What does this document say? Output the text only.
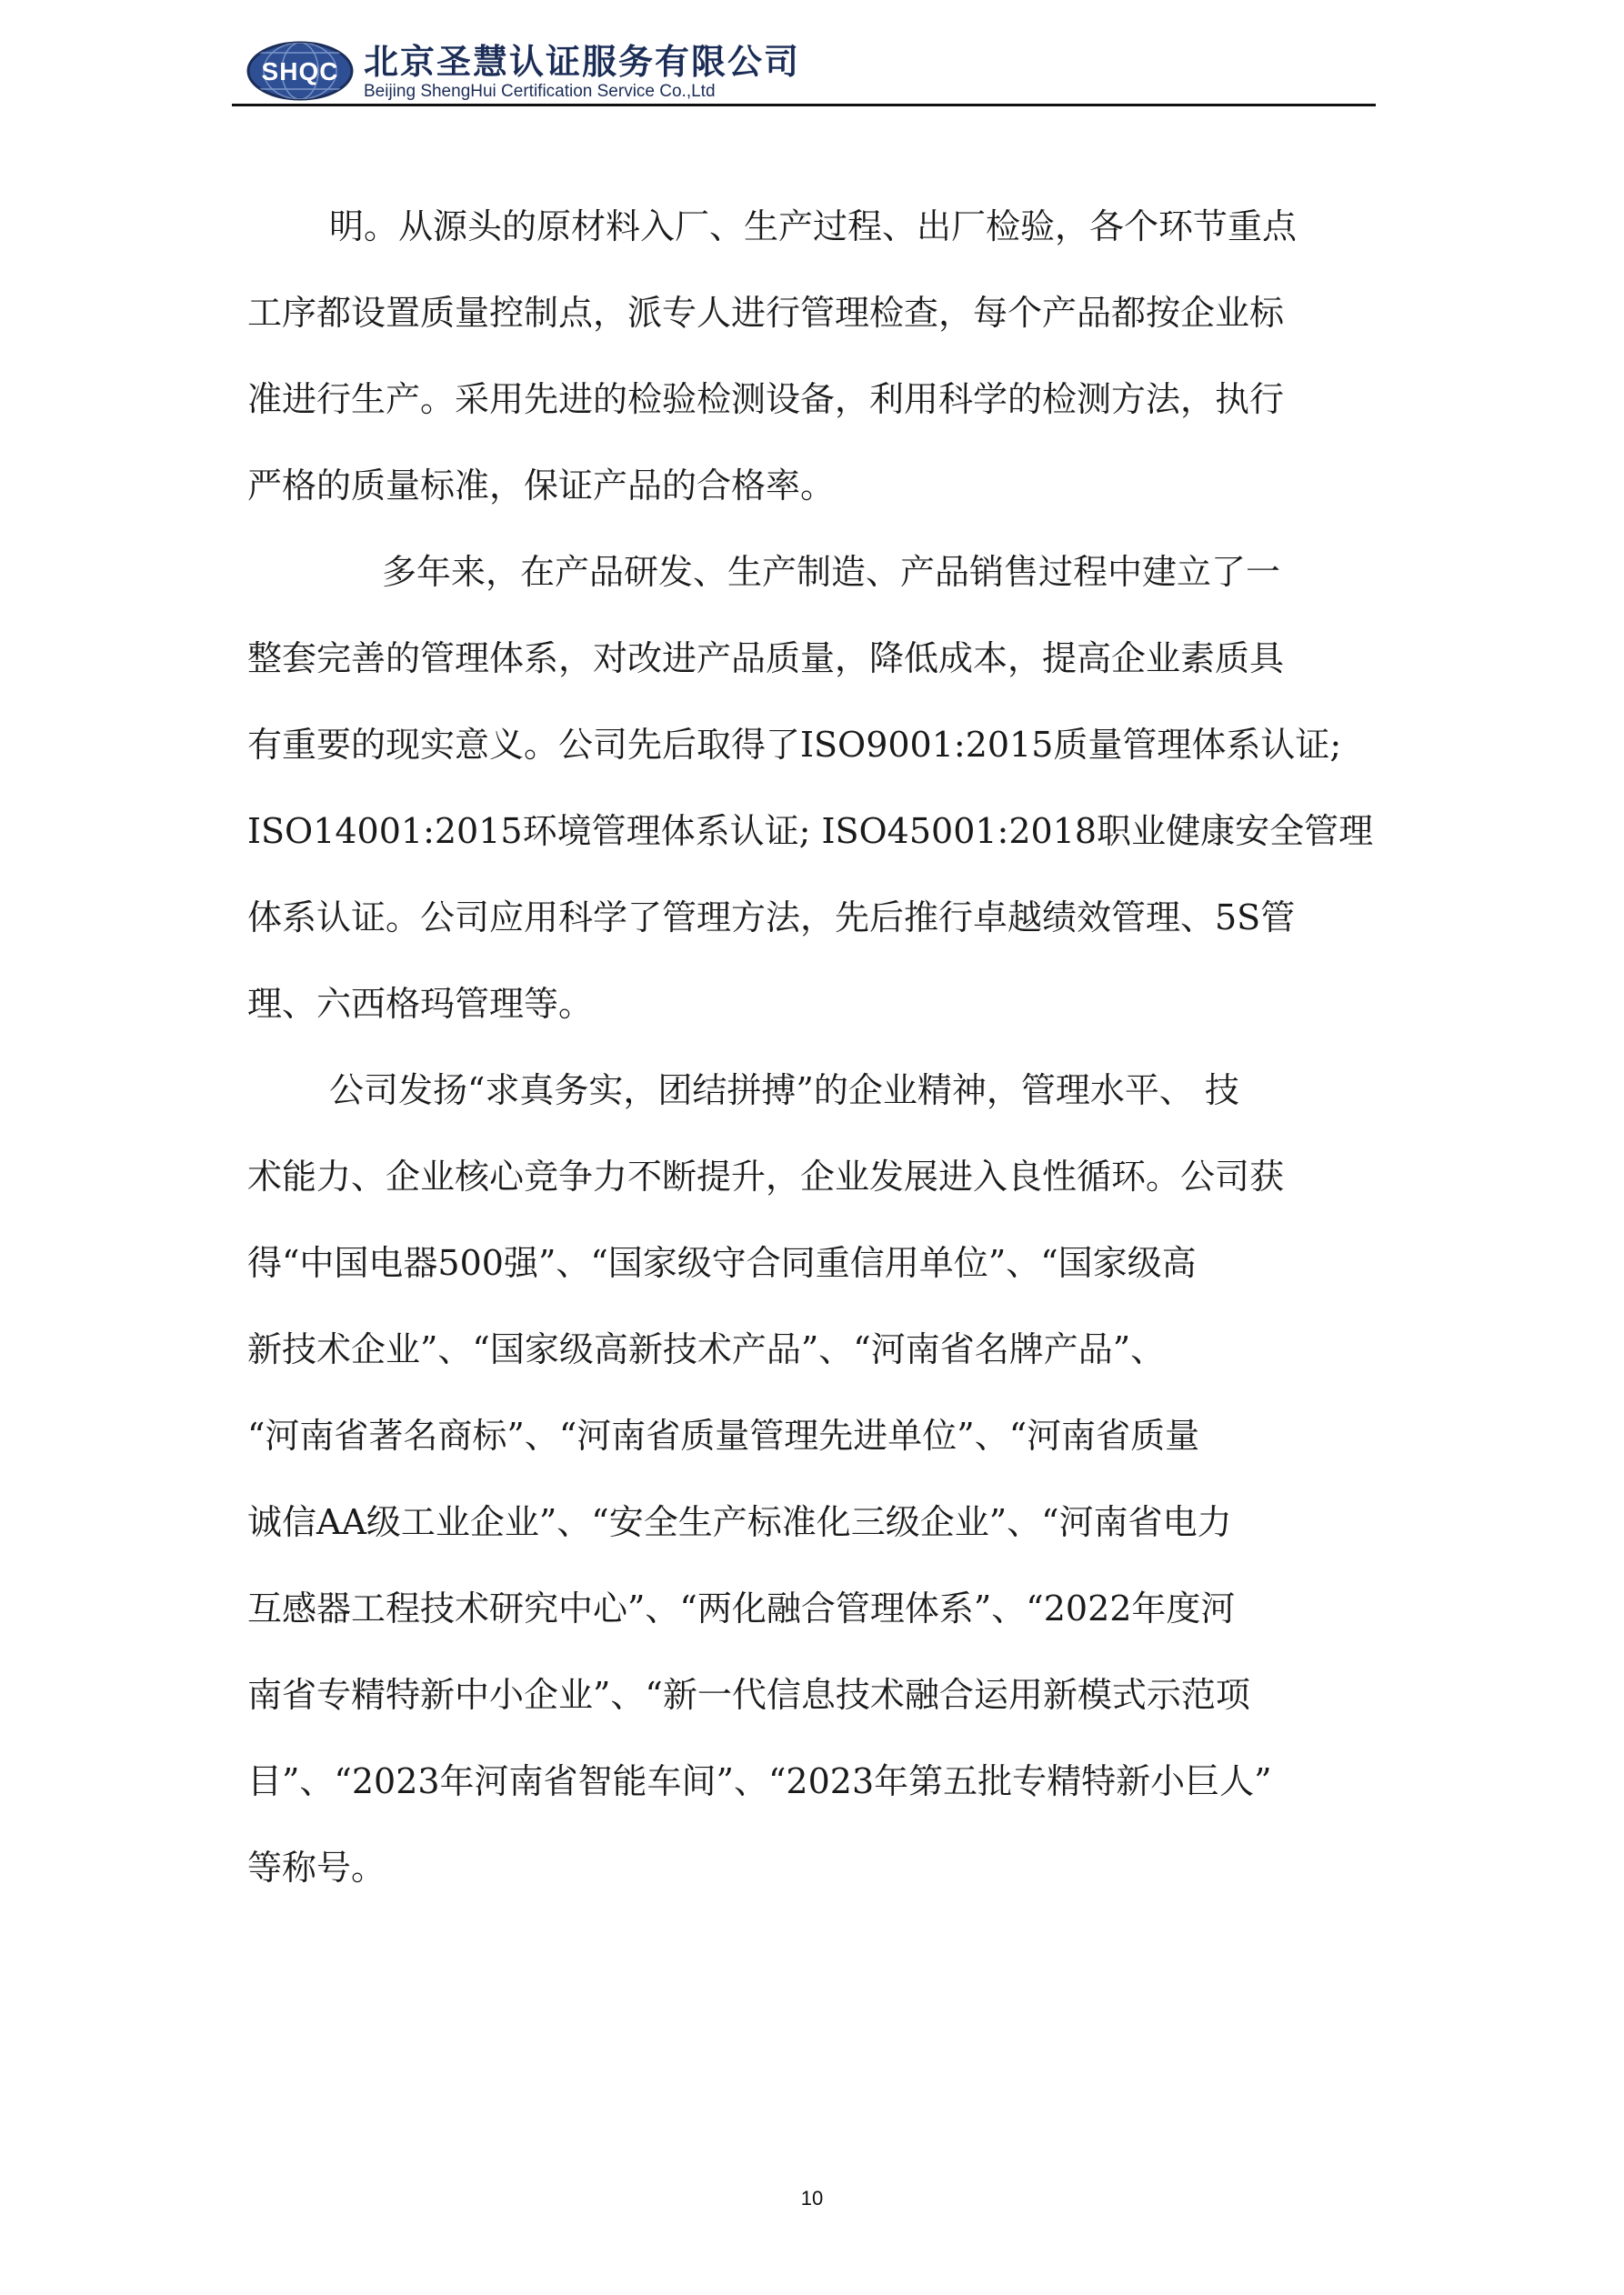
SHQC 北京圣慧认证服务有限公司
Beijing ShengHui Certification Service Co.,Ltd
明。从源头的原材料入厂、生产过程、出厂检验，各个环节重点
工序都设置质量控制点，派专人进行管理检查，每个产品都按企业标
准进行生产。采用先进的检验检测设备，利用科学的检测方法，执行
严格的质量标准，保证产品的合格率。
多年来，在产品研发、生产制造、产品销售过程中建立了一
整套完善的管理体系，对改进产品质量，降低成本，提高企业素质具
有重要的现实意义。公司先后取得了ISO9001:2015质量管理体系认证;
ISO14001:2015环境管理体系认证; ISO45001:2018职业健康安全管理
体系认证。公司应用科学了管理方法，先后推行卓越绩效管理、5S管
理、六西格玛管理等。
公司发扬“求真务实，团结拼搏”的企业精神，管理水平、 技
术能力、企业核心竞争力不断提升，企业发展进入良性循环。公司获
得“中国电器500强”、“国家级守合同重信用单位”、“国家级高
新技术企业”、“国家级高新技术产品”、“河南省名牌产品”、
“河南省著名商标”、“河南省质量管理先进单位”、“河南省质量
诚信AA级工业企业”、“安全生产标准化三级企业”、“河南省电力
互感器工程技术研究中心”、“两化融合管理体系”、“2022年度河
南省专精特新中小企业”、“新一代信息技术融合运用新模式示范项
目”、“2023年河南省智能车间”、“2023年第五批专精特新小巨人”
等称号。
10
